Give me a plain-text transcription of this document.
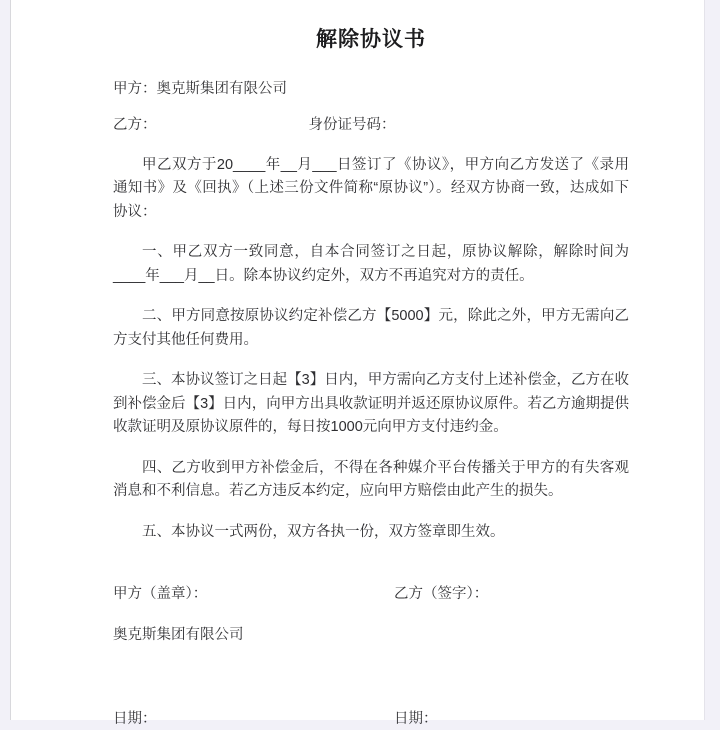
解除协议书

甲方：奥克斯集团有限公司

乙方：	身份证号码：

甲乙双方于20____年__月___日签订了《协议》，甲方向乙方发送了《录用通知书》及《回执》（上述三份文件简称“原协议”）。经双方协商一致，达成如下协议：

一、甲乙双方一致同意，自本合同签订之日起，原协议解除，解除时间为____年___月__日。除本协议约定外，双方不再追究对方的责任。

二、甲方同意按原协议约定补偿乙方【5000】元，除此之外，甲方无需向乙方支付其他任何费用。

三、本协议签订之日起【3】日内，甲方需向乙方支付上述补偿金，乙方在收到补偿金后【3】日内，向甲方出具收款证明并返还原协议原件。若乙方逾期提供收款证明及原协议原件的，每日按1000元向甲方支付违约金。

四、乙方收到甲方补偿金后，不得在各种媒介平台传播关于甲方的有失客观消息和不利信息。若乙方违反本约定，应向甲方赔偿由此产生的损失。

五、本协议一式两份，双方各执一份，双方签章即生效。

甲方（盖章）：	乙方（签字）：
奥克斯集团有限公司
日期：	日期：
